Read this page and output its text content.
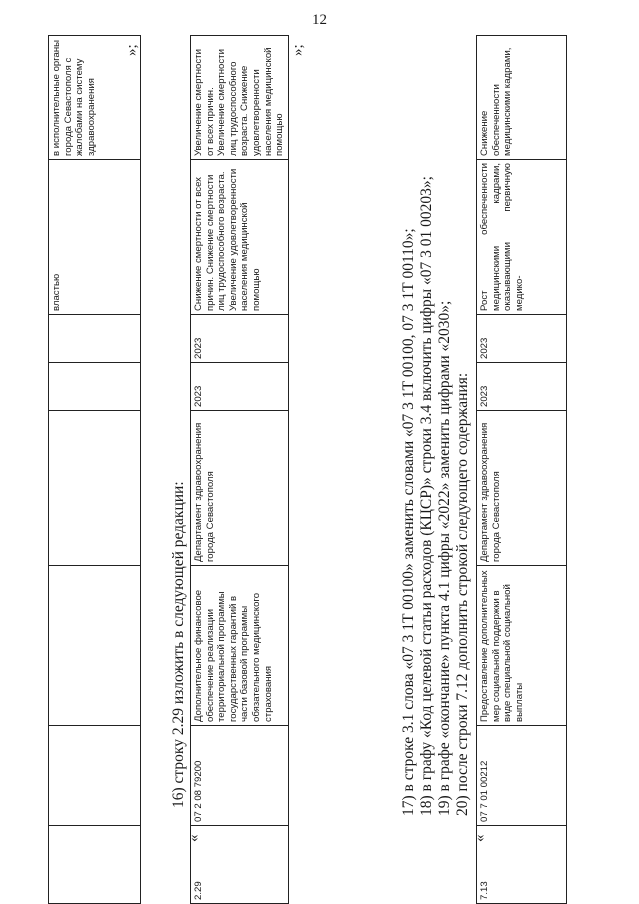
12
						властью	в исполнительные органы города Севастополя с жалобами на систему здравоохранения
»;
«
2.29	07 2 08 79200	Дополнительное финансовое обеспечение реализации территориальной программы государственных гарантий в части базовой программы обязательного медицинского страхования	Департамент здравоохранения города Севастополя	2023	2023	Снижение смертности от всех причин. Снижение смертности лиц трудоспособного возраста. Увеличение удовлетворенности населения медицинской помощью	Увеличение смертности от всех причин. Увеличение смертности лиц трудоспособного возраста. Снижение удовлетворенности населения медицинской помощью
»;
16) строку 2.29 изложить в следующей редакции:	17) в строке 3.1 слова «07 3 1Т 00100» заменить словами «07 3 1Т 00100, 07 3 1Т 00110»; 18) в графу «Код целевой статьи расходов (КЦСР)» строки 3.4 включить цифры «07 3 01 00203»; 19) в графе «окончание» пункта 4.1 цифры «2022» заменить цифрами «2030»; 20) после строки 7.12 дополнить строкой следующего содержания:
«
7.13	07 7 01 00212	Предоставление дополнительных мер социальной поддержки в виде специальной социальной выплаты	Департамент здравоохранения города Севастополя	2023	2023	Рост обеспеченности медицинскими кадрами, оказывающими первичную медико-	Снижение обеспеченности медицинскими кадрами,
